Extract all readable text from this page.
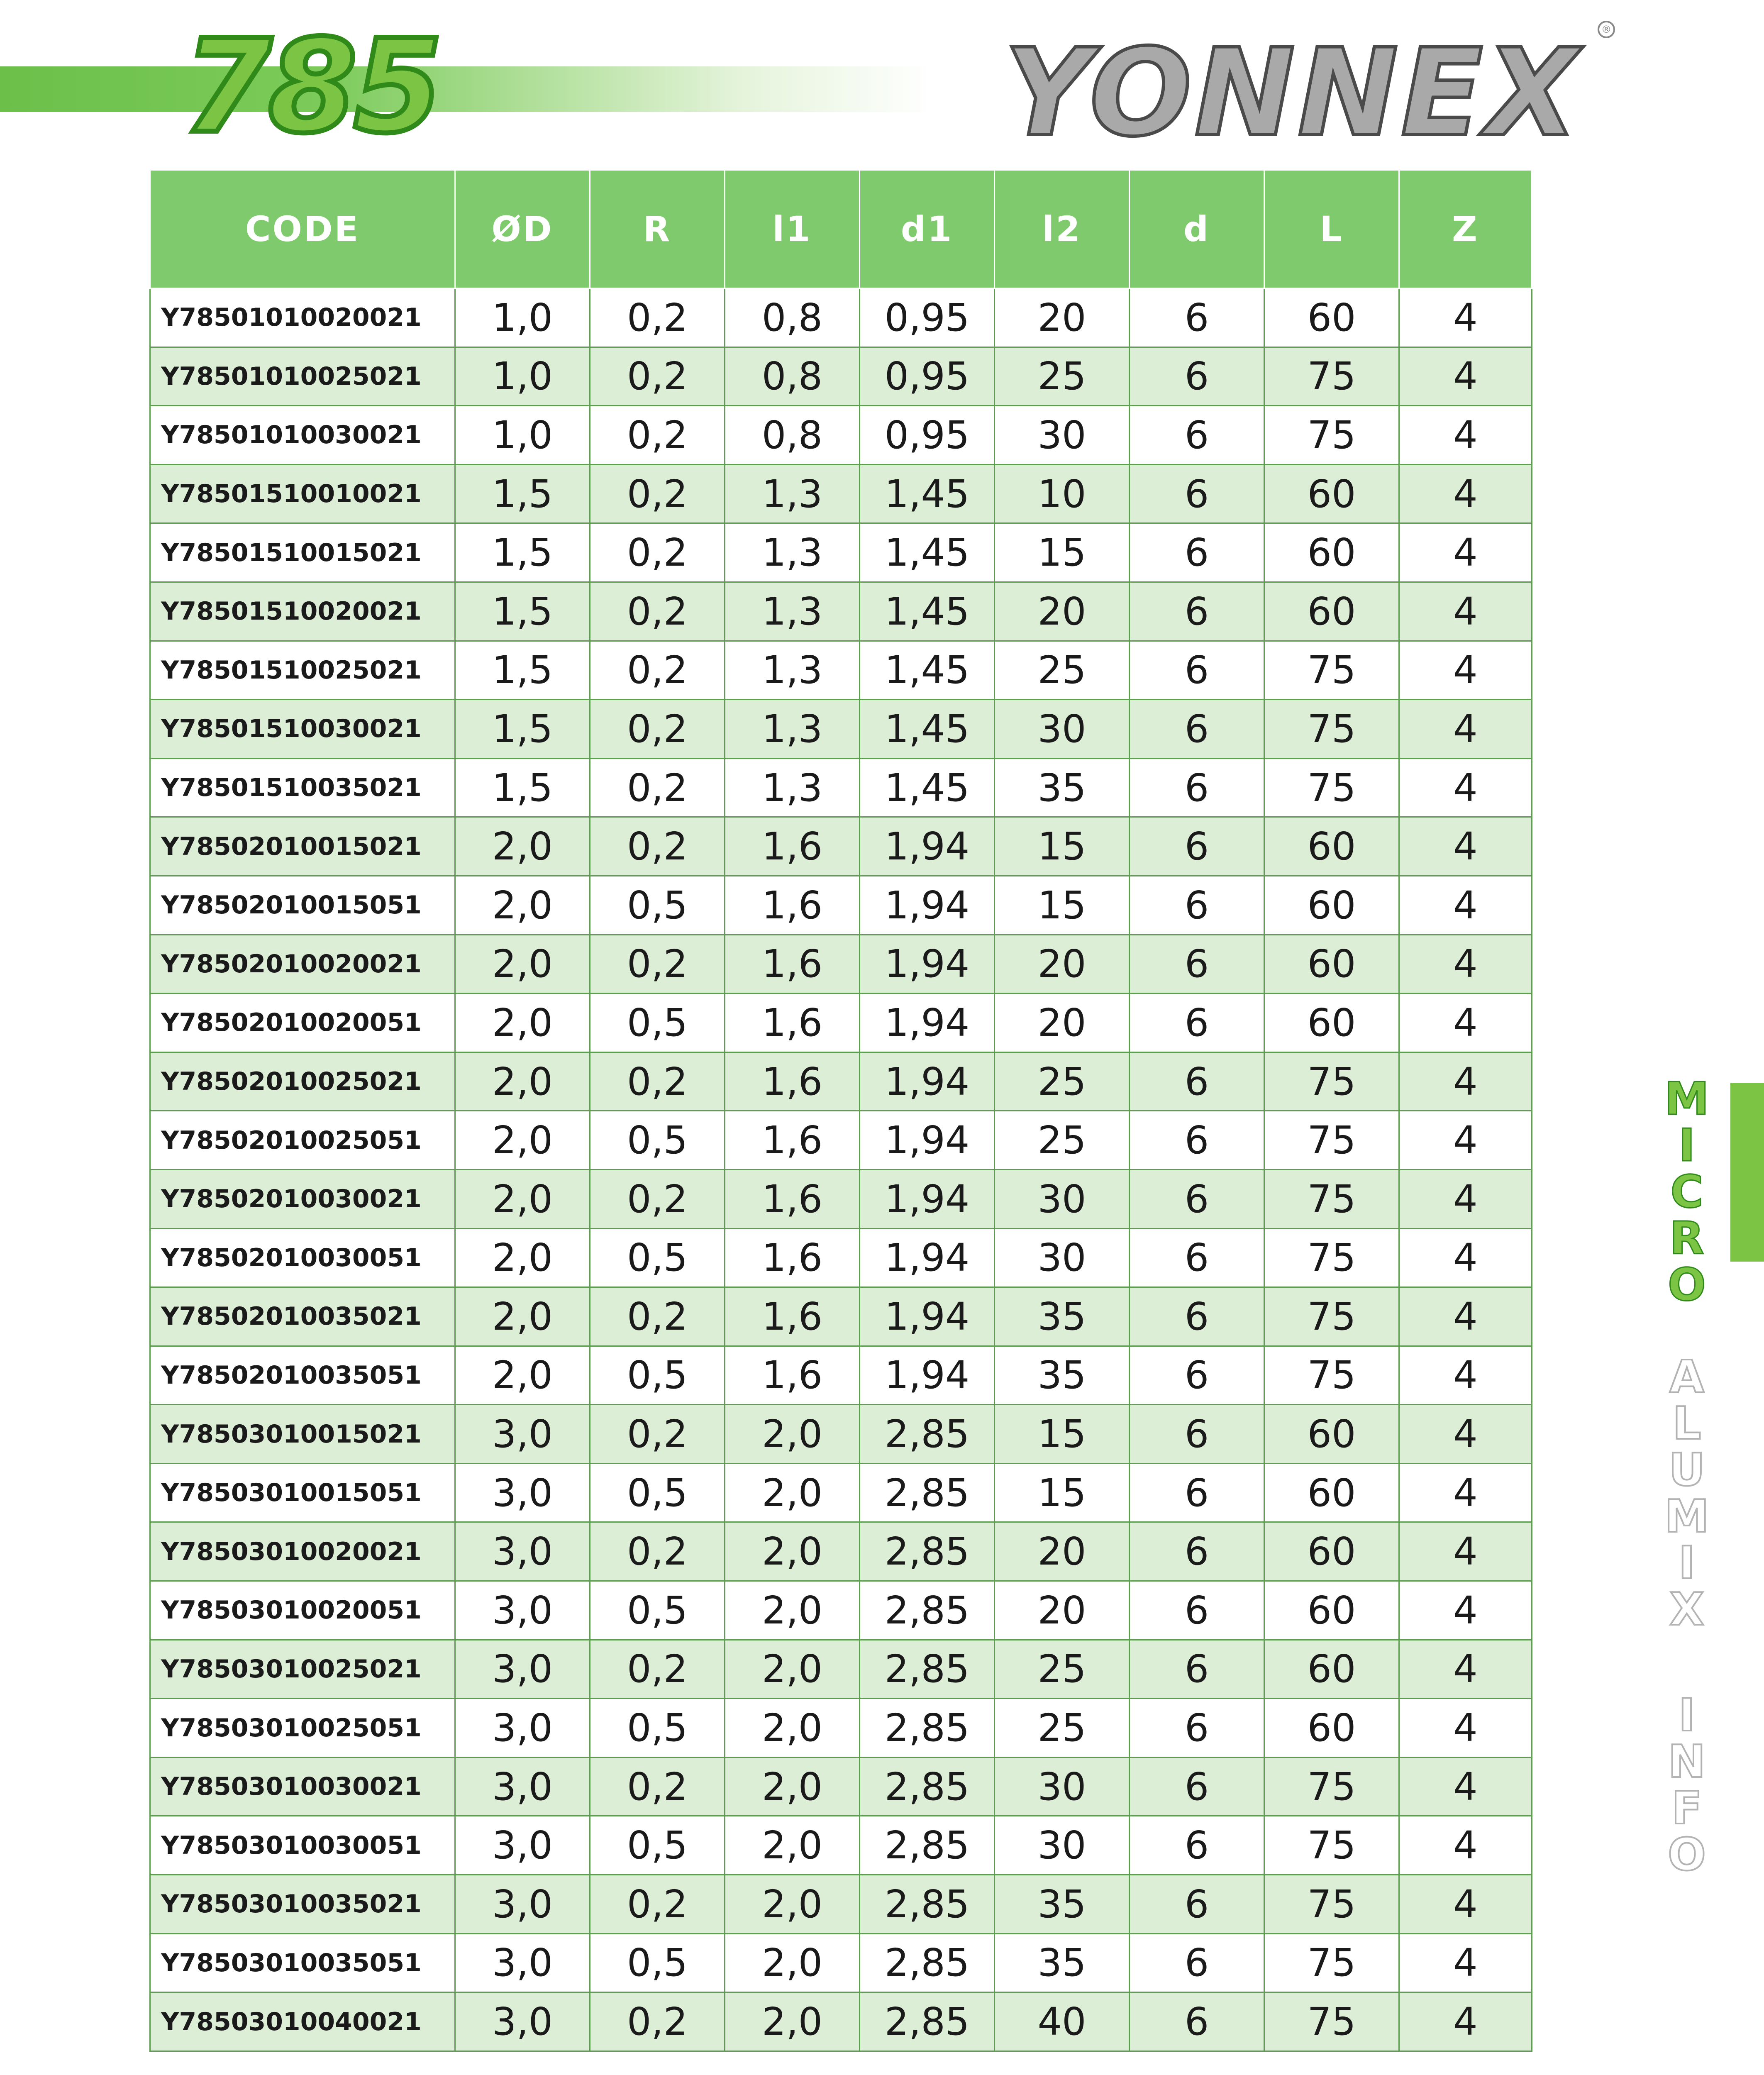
785	YONNEX	®
CODE	ØD	R	l1	d1	l2	d	L	Z
Y78501010020021	1,0	0,2	0,8	0,95	20	6	60	4
Y78501010025021	1,0	0,2	0,8	0,95	25	6	75	4
Y78501010030021	1,0	0,2	0,8	0,95	30	6	75	4
Y78501510010021	1,5	0,2	1,3	1,45	10	6	60	4
Y78501510015021	1,5	0,2	1,3	1,45	15	6	60	4
Y78501510020021	1,5	0,2	1,3	1,45	20	6	60	4
Y78501510025021	1,5	0,2	1,3	1,45	25	6	75	4
Y78501510030021	1,5	0,2	1,3	1,45	30	6	75	4
Y78501510035021	1,5	0,2	1,3	1,45	35	6	75	4
Y78502010015021	2,0	0,2	1,6	1,94	15	6	60	4
Y78502010015051	2,0	0,5	1,6	1,94	15	6	60	4
Y78502010020021	2,0	0,2	1,6	1,94	20	6	60	4
Y78502010020051	2,0	0,5	1,6	1,94	20	6	60	4
Y78502010025021	2,0	0,2	1,6	1,94	25	6	75	4
Y78502010025051	2,0	0,5	1,6	1,94	25	6	75	4
Y78502010030021	2,0	0,2	1,6	1,94	30	6	75	4
Y78502010030051	2,0	0,5	1,6	1,94	30	6	75	4
Y78502010035021	2,0	0,2	1,6	1,94	35	6	75	4
Y78502010035051	2,0	0,5	1,6	1,94	35	6	75	4
Y78503010015021	3,0	0,2	2,0	2,85	15	6	60	4
Y78503010015051	3,0	0,5	2,0	2,85	15	6	60	4
Y78503010020021	3,0	0,2	2,0	2,85	20	6	60	4
Y78503010020051	3,0	0,5	2,0	2,85	20	6	60	4
Y78503010025021	3,0	0,2	2,0	2,85	25	6	60	4
Y78503010025051	3,0	0,5	2,0	2,85	25	6	60	4
Y78503010030021	3,0	0,2	2,0	2,85	30	6	75	4
Y78503010030051	3,0	0,5	2,0	2,85	30	6	75	4
Y78503010035021	3,0	0,2	2,0	2,85	35	6	75	4
Y78503010035051	3,0	0,5	2,0	2,85	35	6	75	4
Y78503010040021	3,0	0,2	2,0	2,85	40	6	75	4
M
I
C
R
O
A
L
U
M
I
X
I
N
F
O
